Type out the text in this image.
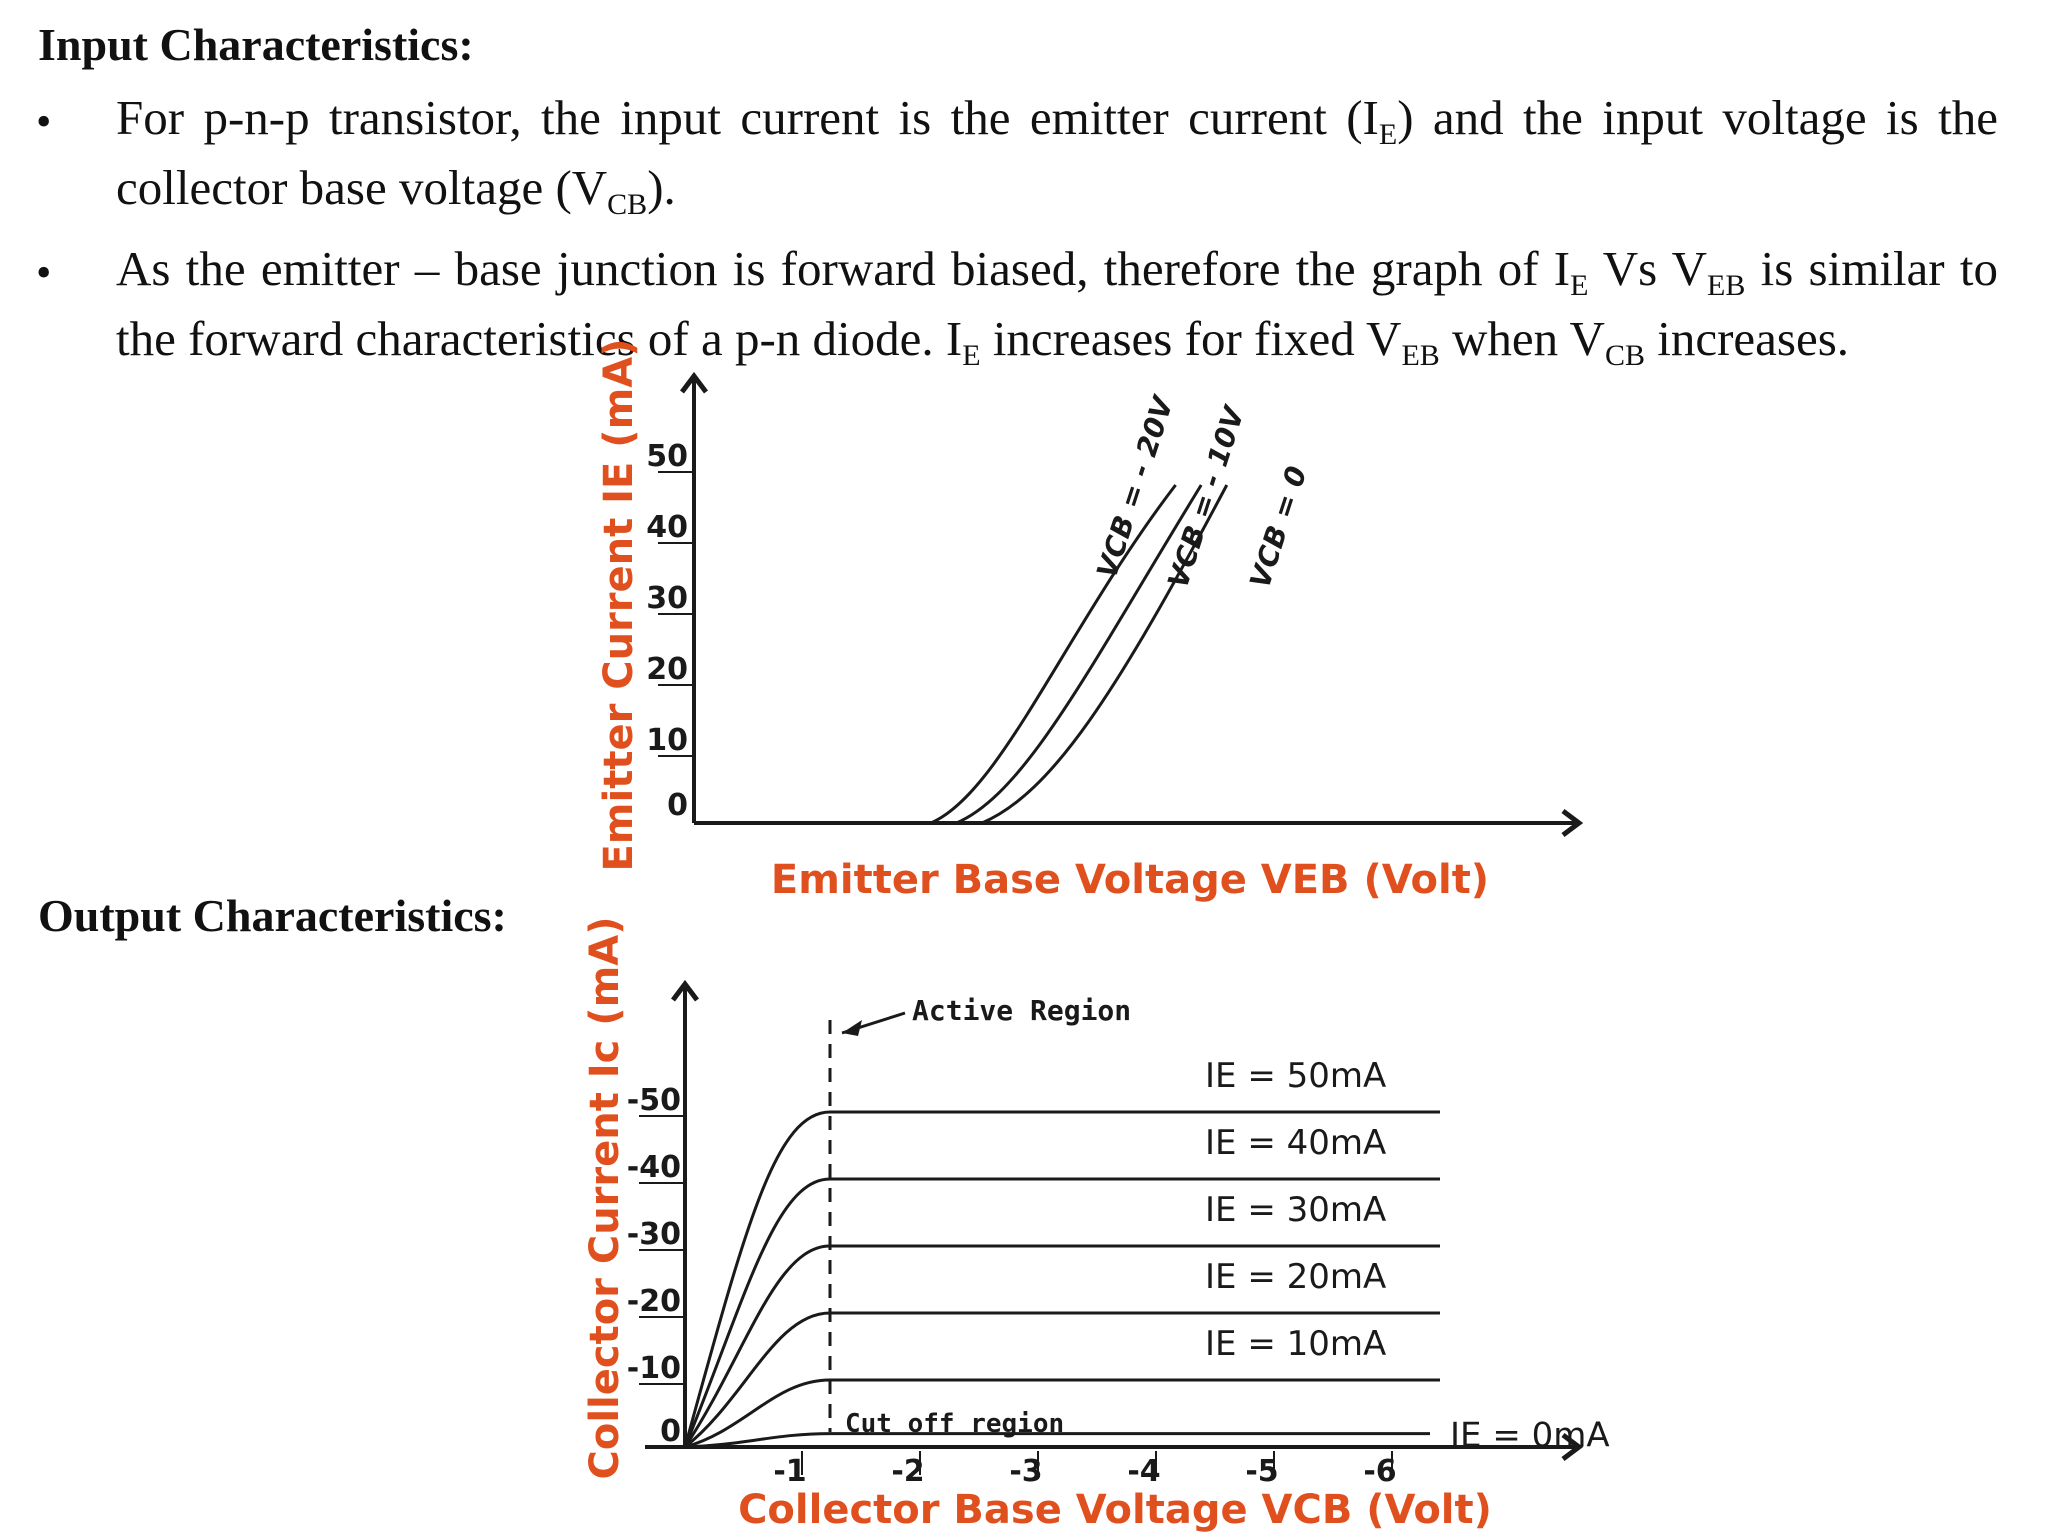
Input Characteristics:
• For p-n-p transistor, the input current is the emitter current $(I_E)$ and the input voltage is the collector base voltage $(V_{CB})$.

• As the emitter – base junction is forward biased, therefore the graph of $I_E$ Vs $V_{EB}$ is similar to the forward characteristics of a p-n diode. $I_E$ increases for fixed $V_{EB}$ when $V_{CB}$ increases.

Output Characteristics:
0
10
20
30
40
50	VCB = - 20V
VCB = - 10V
VCB = 0
Emitter Current IE (mA)
Emitter Base Voltage VEB (Volt)
0
-10
-20
-30
-40
-50
-1	-2	-3	-4	-5	-6
Active Region
Cut off region
IE = 50mA
IE = 40mA
IE = 30mA
IE = 20mA
IE = 10mA
IE = 0mA
Collector Current Ic (mA)
Collector Base Voltage VCB (Volt)
